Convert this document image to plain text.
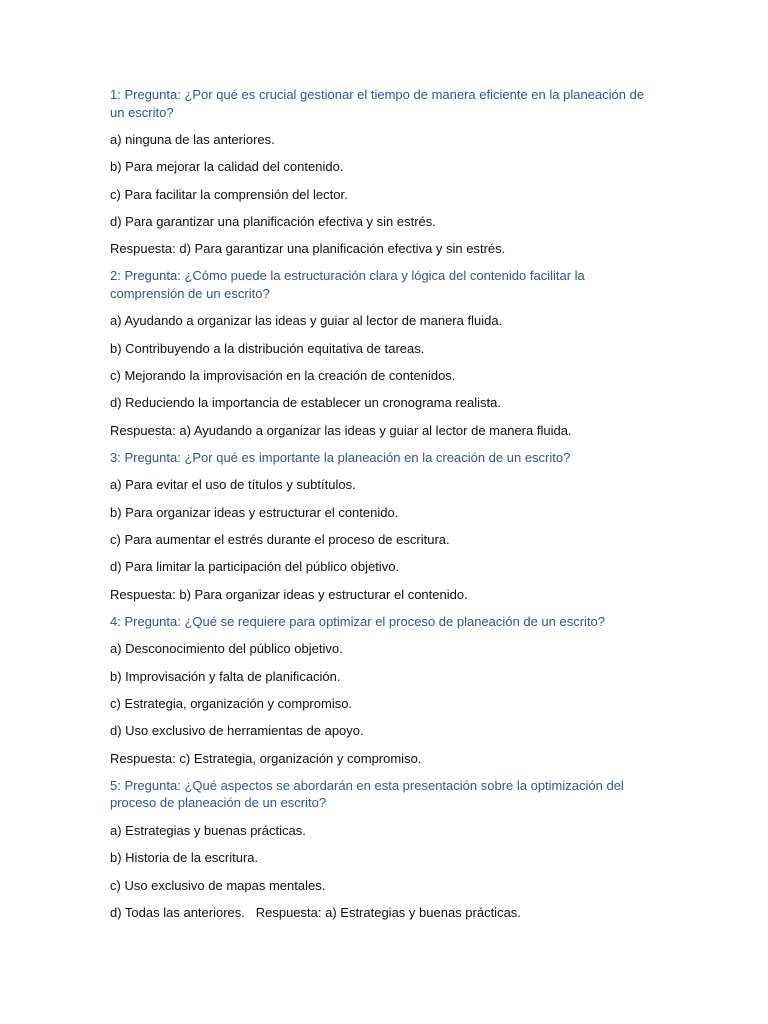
1: Pregunta: ¿Por qué es crucial gestionar el tiempo de manera eficiente en la planeación de un escrito?
a) ninguna de las anteriores.
b) Para mejorar la calidad del contenido.
c) Para facilitar la comprensión del lector.
d) Para garantizar una planificación efectiva y sin estrés.
Respuesta: d) Para garantizar una planificación efectiva y sin estrés.
2: Pregunta: ¿Cómo puede la estructuración clara y lógica del contenido facilitar la comprensión de un escrito?
a) Ayudando a organizar las ideas y guiar al lector de manera fluida.
b) Contribuyendo a la distribución equitativa de tareas.
c) Mejorando la improvisación en la creación de contenidos.
d) Reduciendo la importancia de establecer un cronograma realista.
Respuesta: a) Ayudando a organizar las ideas y guiar al lector de manera fluida.
3: Pregunta: ¿Por qué es importante la planeación en la creación de un escrito?
a) Para evitar el uso de títulos y subtítulos.
b) Para organizar ideas y estructurar el contenido.
c) Para aumentar el estrés durante el proceso de escritura.
d) Para limitar la participación del público objetivo.
Respuesta: b) Para organizar ideas y estructurar el contenido.
4: Pregunta: ¿Qué se requiere para optimizar el proceso de planeación de un escrito?
a) Desconocimiento del público objetivo.
b) Improvisación y falta de planificación.
c) Estrategia, organización y compromiso.
d) Uso exclusivo de herramientas de apoyo.
Respuesta: c) Estrategia, organización y compromiso.
5: Pregunta: ¿Qué aspectos se abordarán en esta presentación sobre la optimización del proceso de planeación de un escrito?
a) Estrategias y buenas prácticas.
b) Historia de la escritura.
c) Uso exclusivo de mapas mentales.
d) Todas las anteriores.   Respuesta: a) Estrategias y buenas prácticas.
